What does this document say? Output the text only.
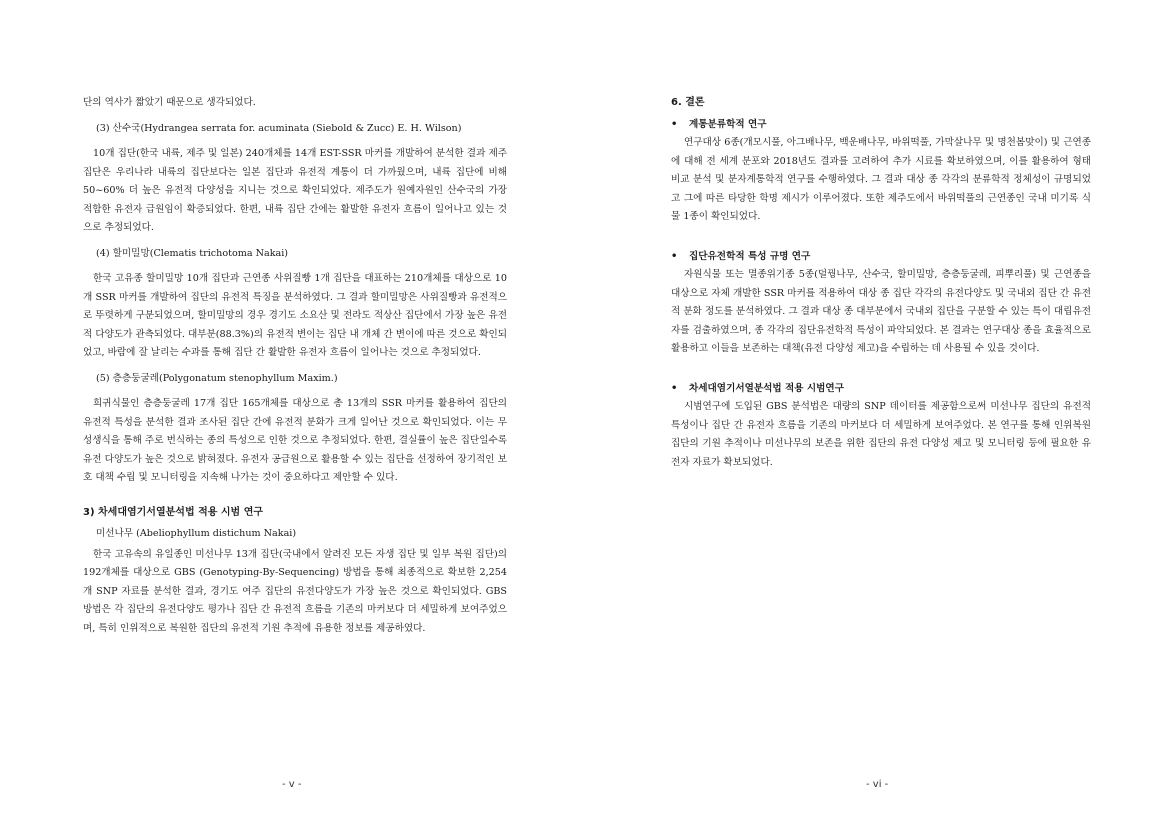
단의 역사가 짧았기 때문으로 생각되었다.

(3) 산수국(Hydrangea serrata for. acuminata (Siebold & Zucc) E. H. Wilson)

10개 집단(한국 내륙, 제주 및 일본) 240개체를 14개 EST-SSR 마커를 개발하여 분석한 결과 제주 집단은 우리나라 내륙의 집단보다는 일본 집단과 유전적 계통이 더 가까웠으며, 내륙 집단에 비해 50~60% 더 높은 유전적 다양성을 지니는 것으로 확인되었다. 제주도가 원예자원인 산수국의 가장 적합한 유전자 급원임이 확증되었다. 한편, 내륙 집단 간에는 활발한 유전자 흐름이 일어나고 있는 것으로 추정되었다.

(4) 할미밀망(Clematis trichotoma Nakai)

한국 고유종 할미밀망 10개 집단과 근연종 사위질빵 1개 집단을 대표하는 210개체를 대상으로 10개 SSR 마커를 개발하여 집단의 유전적 특징을 분석하였다. 그 결과 할미밀망은 사위질빵과 유전적으로 뚜렷하게 구분되었으며, 할미밀망의 경우 경기도 소요산 및 전라도 적상산 집단에서 가장 높은 유전적 다양도가 관측되었다. 대부분(88.3%)의 유전적 변이는 집단 내 개체 간 변이에 따른 것으로 확인되었고, 바람에 잘 날리는 수과를 통해 집단 간 활발한 유전자 흐름이 일어나는 것으로 추정되었다.

(5) 층층둥굴레(Polygonatum stenophyllum Maxim.)

희귀식물인 층층둥굴레 17개 집단 165개체를 대상으로 총 13개의 SSR 마커를 활용하여 집단의 유전적 특성을 분석한 결과 조사된 집단 간에 유전적 분화가 크게 일어난 것으로 확인되었다. 이는 무성생식을 통해 주로 번식하는 종의 특성으로 인한 것으로 추정되었다. 한편, 결실률이 높은 집단일수록 유전 다양도가 높은 것으로 밝혀졌다. 유전자 공급원으로 활용할 수 있는 집단을 선정하여 장기적인 보호 대책 수립 및 모니터링을 지속해 나가는 것이 중요하다고 제안할 수 있다.

3) 차세대염기서열분석법 적용 시범 연구

미선나무 (Abeliophyllum distichum Nakai)

한국 고유속의 유일종인 미선나무 13개 집단(국내에서 알려진 모든 자생 집단 및 일부 복원 집단)의 192개체를 대상으로 GBS (Genotyping-By-Sequencing) 방법을 통해 최종적으로 확보한 2,254개 SNP 자료를 분석한 결과, 경기도 여주 집단의 유전다양도가 가장 높은 것으로 확인되었다. GBS 방법은 각 집단의 유전다양도 평가나 집단 간 유전적 흐름을 기존의 마커보다 더 세밀하게 보여주었으며, 특히 인위적으로 복원한 집단의 유전적 기원 추적에 유용한 정보를 제공하였다.

- v -
6. 결론
•	계통분류학적 연구

연구대상 6종(개모시풀, 아그배나무, 백운배나무, 바위떡풀, 가막살나무 및 명천봄맞이) 및 근연종에 대해 전 세계 분포와 2018년도 결과를 고려하여 추가 시료를 확보하였으며, 이를 활용하여 형태 비교 분석 및 분자계통학적 연구를 수행하였다. 그 결과 대상 종 각각의 분류학적 정체성이 규명되었고 그에 따른 타당한 학명 제시가 이루어졌다. 또한 제주도에서 바위떡풀의 근연종인 국내 미기록 식물 1종이 확인되었다.

•	집단유전학적 특성 규명 연구

자원식물 또는 멸종위기종 5종(덜꿩나무, 산수국, 할미밀망, 층층둥굴레, 피뿌리풀) 및 근연종을 대상으로 자체 개발한 SSR 마커를 적용하여 대상 종 집단 각각의 유전다양도 및 국내외 집단 간 유전적 분화 정도를 분석하였다. 그 결과 대상 종 대부분에서 국내외 집단을 구분할 수 있는 특이 대립유전자를 검출하였으며, 종 각각의 집단유전학적 특성이 파악되었다. 본 결과는 연구대상 종을 효율적으로 활용하고 이들을 보존하는 대책(유전 다양성 제고)을 수립하는 데 사용될 수 있을 것이다.

•	차세대염기서열분석법 적용 시범연구

시범연구에 도입된 GBS 분석법은 대량의 SNP 데이터를 제공함으로써 미선나무 집단의 유전적 특성이나 집단 간 유전자 흐름을 기존의 마커보다 더 세밀하게 보여주었다. 본 연구를 통해 인위복원 집단의 기원 추적이나 미선나무의 보존을 위한 집단의 유전 다양성 제고 및 모니터링 등에 필요한 유전자 자료가 확보되었다.

- vi -
